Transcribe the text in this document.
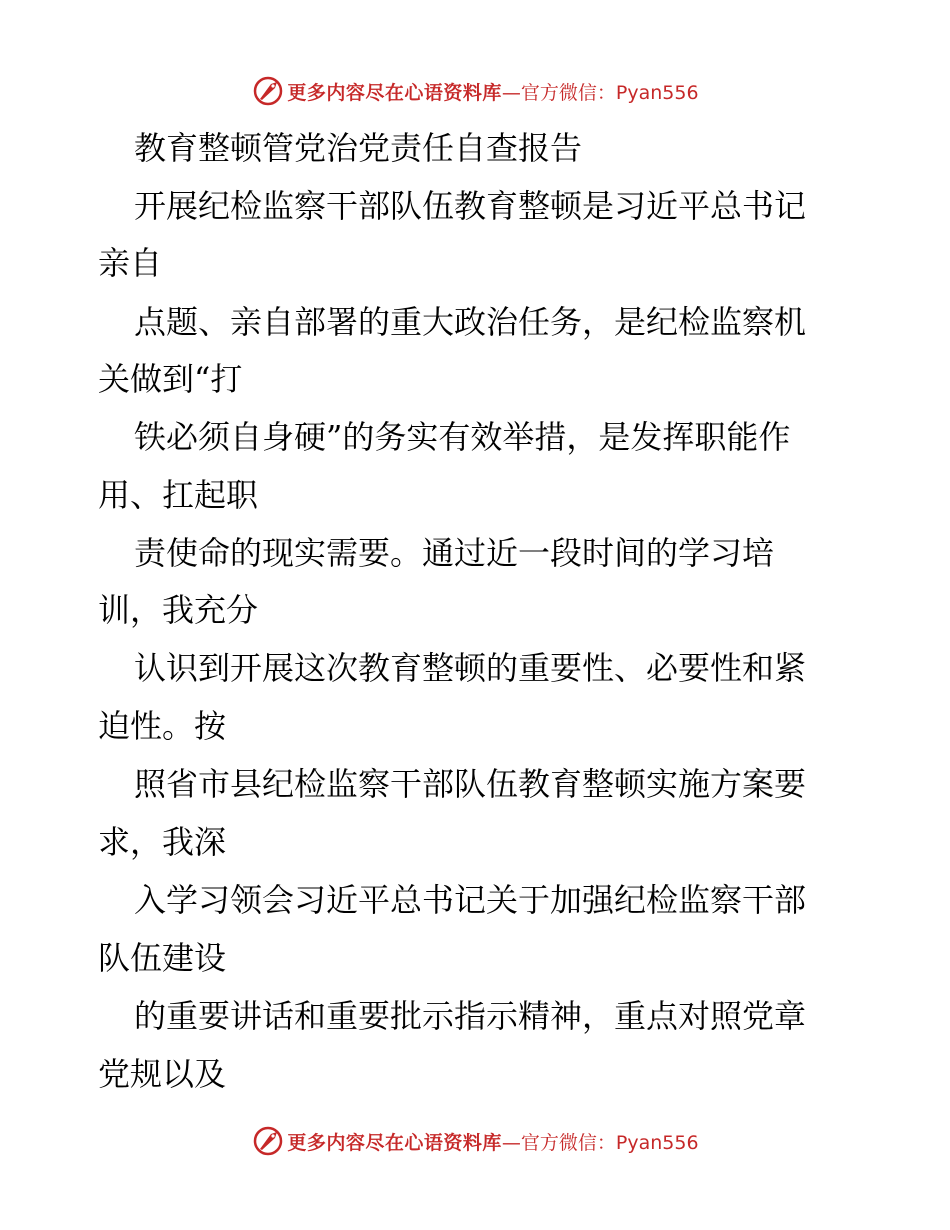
更多内容尽在心语资料库 —官方微信：Pyan556
教育整顿管党治党责任自查报告
开展纪检监察干部队伍教育整顿是习近平总书记
亲自
点题、亲自部署的重大政治任务，是纪检监察机
关做到“打
铁必须自身硬”的务实有效举措，是发挥职能作
用、扛起职
责使命的现实需要。通过近一段时间的学习培
训，我充分
认识到开展这次教育整顿的重要性、必要性和紧
迫性。按
照省市县纪检监察干部队伍教育整顿实施方案要
求，我深
入学习领会习近平总书记关于加强纪检监察干部
队伍建设
的重要讲话和重要批示指示精神，重点对照党章
党规以及
更多内容尽在心语资料库 —官方微信：Pyan556
